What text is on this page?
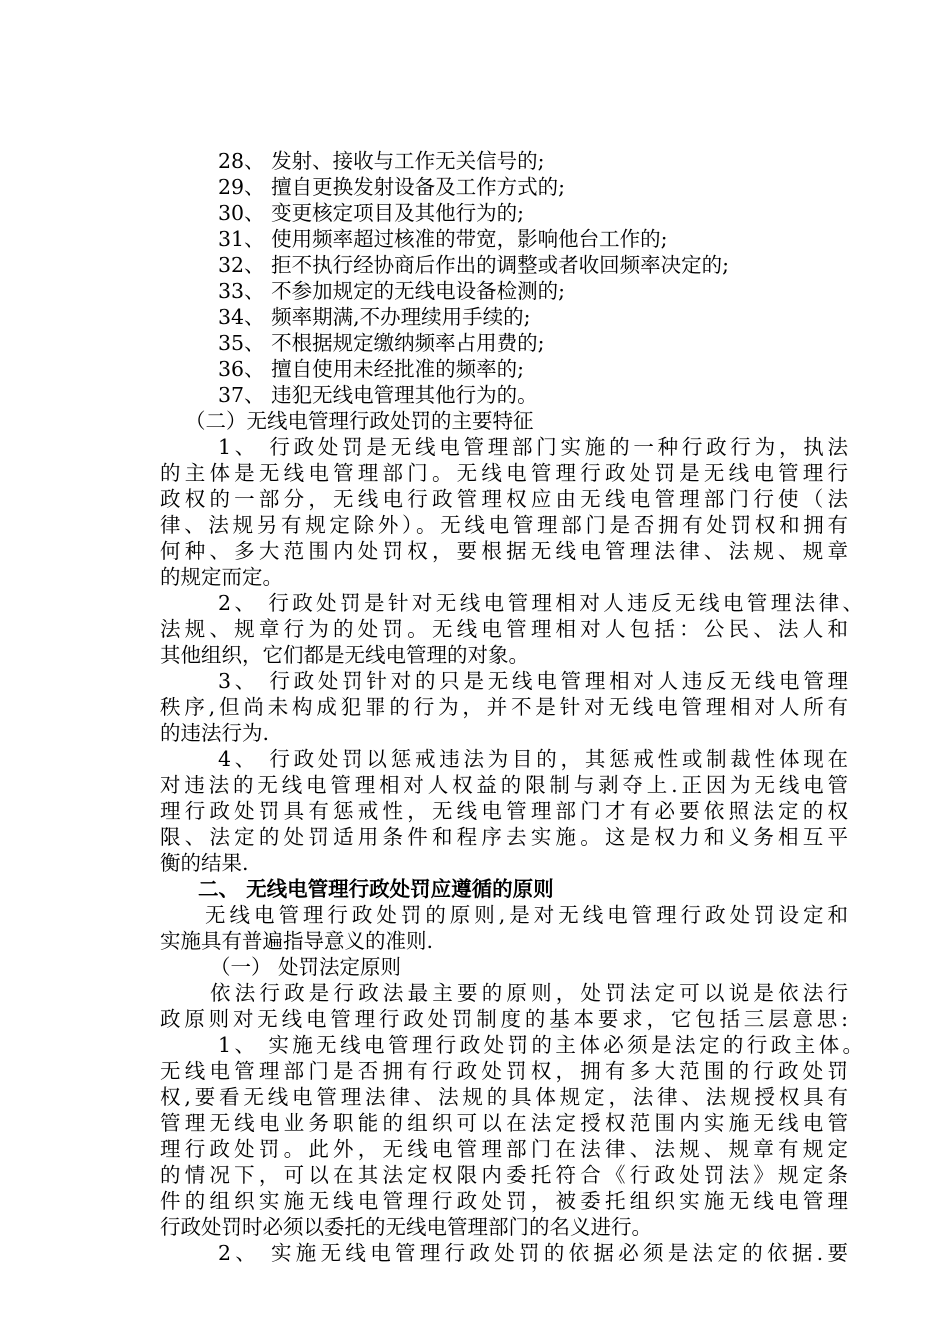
28、 发射、接收与工作无关信号的;
29、 擅自更换发射设备及工作方式的;
30、 变更核定项目及其他行为的;
31、 使用频率超过核准的带宽，影响他台工作的;
32、 拒不执行经协商后作出的调整或者收回频率决定的;
33、 不参加规定的无线电设备检测的;
34、 频率期满,不办理续用手续的;
35、 不根据规定缴纳频率占用费的;
36、 擅自使用未经批准的频率的;
37、 违犯无线电管理其他行为的。
（二）无线电管理行政处罚的主要特征
1、 行政处罚是无线电管理部门实施的一种行政行为，执法
的主体是无线电管理部门。无线电管理行政处罚是无线电管理行
政权的一部分，无线电行政管理权应由无线电管理部门行使（法
律、法规另有规定除外）。无线电管理部门是否拥有处罚权和拥有
何种、多大范围内处罚权，要根据无线电管理法律、法规、规章
的规定而定。
2、 行政处罚是针对无线电管理相对人违反无线电管理法律、
法规、规章行为的处罚。无线电管理相对人包括：公民、法人和
其他组织，它们都是无线电管理的对象。
3、 行政处罚针对的只是无线电管理相对人违反无线电管理
秩序,但尚未构成犯罪的行为，并不是针对无线电管理相对人所有
的违法行为.
4、 行政处罚以惩戒违法为目的，其惩戒性或制裁性体现在
对违法的无线电管理相对人权益的限制与剥夺上.正因为无线电管
理行政处罚具有惩戒性，无线电管理部门才有必要依照法定的权
限、法定的处罚适用条件和程序去实施。这是权力和义务相互平
衡的结果.
二、 无线电管理行政处罚应遵循的原则
无线电管理行政处罚的原则,是对无线电管理行政处罚设定和
实施具有普遍指导意义的准则.
（一） 处罚法定原则
依法行政是行政法最主要的原则，处罚法定可以说是依法行
政原则对无线电管理行政处罚制度的基本要求，它包括三层意思:
1、 实施无线电管理行政处罚的主体必须是法定的行政主体。
无线电管理部门是否拥有行政处罚权，拥有多大范围的行政处罚
权,要看无线电管理法律、法规的具体规定，法律、法规授权具有
管理无线电业务职能的组织可以在法定授权范围内实施无线电管
理行政处罚。此外，无线电管理部门在法律、法规、规章有规定
的情况下，可以在其法定权限内委托符合《行政处罚法》规定条
件的组织实施无线电管理行政处罚，被委托组织实施无线电管理
行政处罚时必须以委托的无线电管理部门的名义进行。
2、 实施无线电管理行政处罚的依据必须是法定的依据.要
